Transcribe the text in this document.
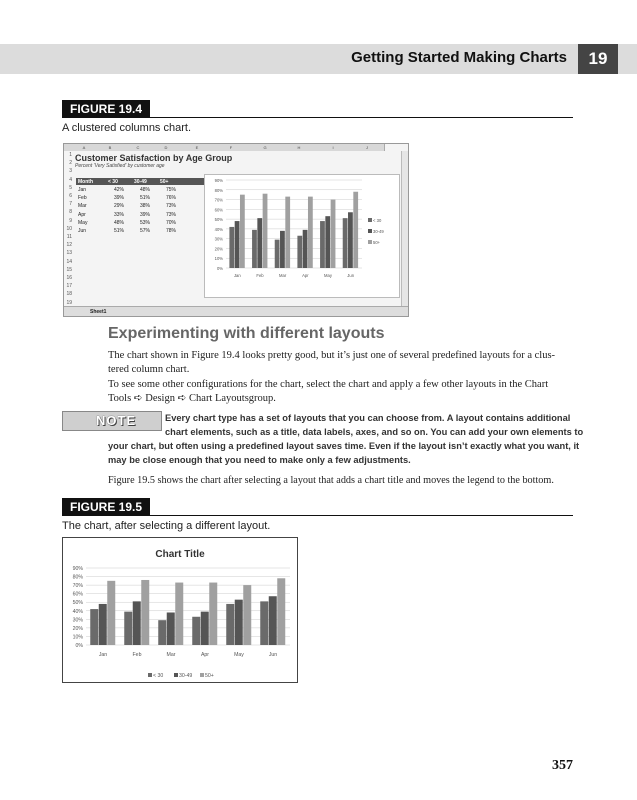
Getting Started Making Charts	19
FIGURE 19.4
A clustered columns chart.
A	B	C	D	E	F	G	H	I	J
1
2
3
4
5
6
7
8
9
10
11
12
13
14
15
16
17
18
19
Customer Satisfaction by Age Group
Percent 'Very Satisfied' by customer age
Month	< 30	30-49	50+
Jan	42%	48%	75%
Feb	39%	51%	76%
Mar	29%	38%	73%
Apr	33%	39%	73%
May	48%	53%	70%
Jun	51%	57%	78%
0%
10%
20%
30%
40%
50%
60%
70%
80%
90%
Jan	Feb	Mar	Apr	May	Jun
< 30
30-49
50+
Sheet1
Experimenting with different layouts
The chart shown in Figure 19.4 looks pretty good, but it’s just one of several predefined layouts for a clus-
tered column chart.
To see some other configurations for the chart, select the chart and apply a few other layouts in the Chart
Tools ➪ Design ➪ Chart Layoutsgroup.
NOTE	Every chart type has a set of layouts that you can choose from. A layout contains additional
chart elements, such as a title, data labels, axes, and so on. You can add your own elements to
your chart, but often using a predefined layout saves time. Even if the layout isn’t exactly what you want, it
may be close enough that you need to make only a few adjustments.
Figure 19.5 shows the chart after selecting a layout that adds a chart title and moves the legend to the bottom.
FIGURE 19.5
The chart, after selecting a different layout.
Chart Title
0%
10%
20%
30%
40%
50%
60%
70%
80%
90%
Jan	Feb	Mar	Apr	May	Jun
< 30	30-49 50+
357
